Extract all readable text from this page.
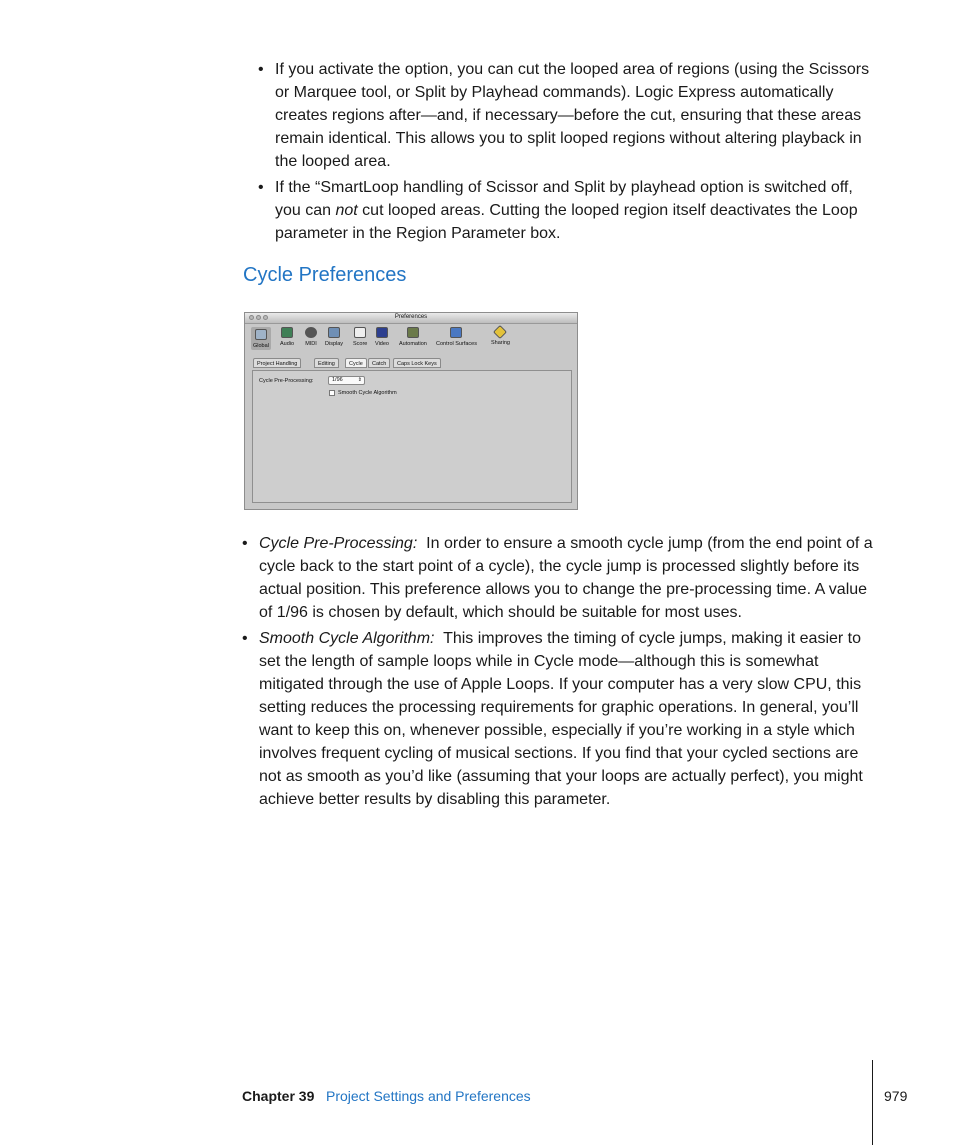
• If you activate the option, you can cut the looped area of regions (using the Scissors or Marquee tool, or Split by Playhead commands). Logic Express automatically creates regions after—and, if necessary—before the cut, ensuring that these areas remain identical. This allows you to split looped regions without altering playback in the looped area.

• If the “SmartLoop handling of Scissor and Split by playhead option is switched off, you can not cut looped areas. Cutting the looped region itself deactivates the Loop parameter in the Region Parameter box.

Cycle Preferences
Preferences
Global Audio MIDI Display Score Video Automation Control Surfaces	Sharing
Project Handling	Editing	Cycle	Catch	Caps Lock Keys
Cycle Pre-Processing:	1/96	⇕
Smooth Cycle Algorithm

• Cycle Pre-Processing: In order to ensure a smooth cycle jump (from the end point of a cycle back to the start point of a cycle), the cycle jump is processed slightly before its actual position. This preference allows you to change the pre-processing time. A value of 1/96 is chosen by default, which should be suitable for most uses.

• Smooth Cycle Algorithm: This improves the timing of cycle jumps, making it easier to set the length of sample loops while in Cycle mode—although this is somewhat mitigated through the use of Apple Loops. If your computer has a very slow CPU, this setting reduces the processing requirements for graphic operations. In general, you’ll want to keep this on, whenever possible, especially if you’re working in a style which involves frequent cycling of musical sections. If you find that your cycled sections are not as smooth as you’d like (assuming that your loops are actually perfect), you might achieve better results by disabling this parameter.

Chapter 39 Project Settings and Preferences	979
